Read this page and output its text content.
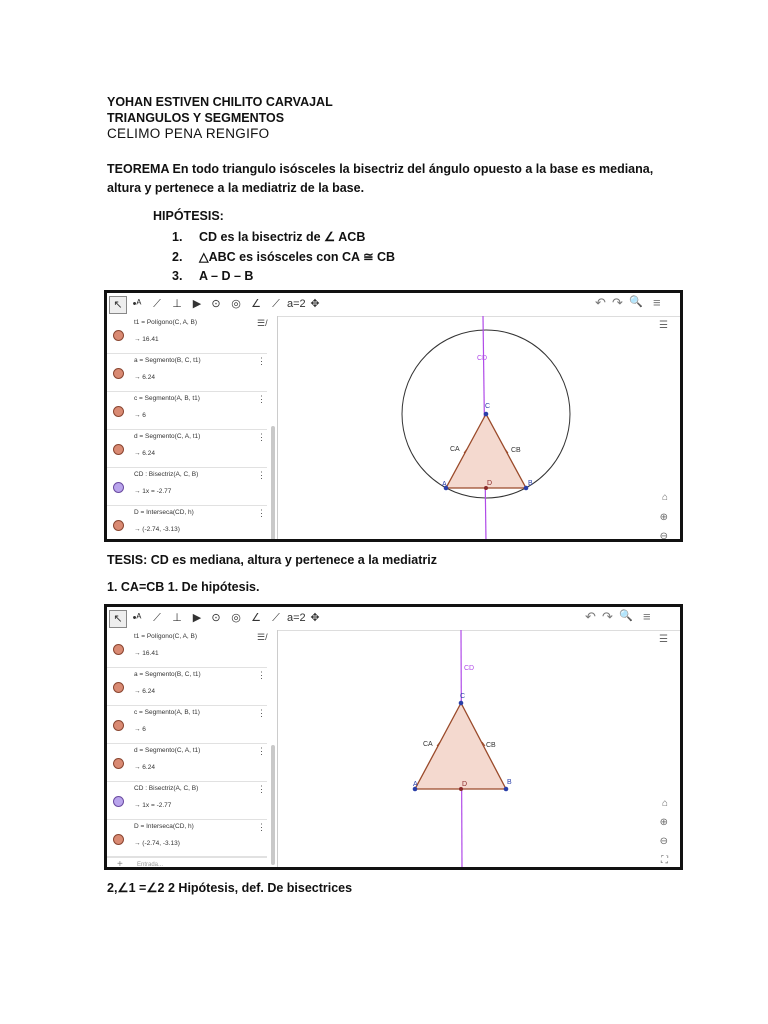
YOHAN ESTIVEN CHILITO CARVAJAL
TRIANGULOS Y SEGMENTOS
CELIMO PENA RENGIFO
TEOREMA En todo triangulo isósceles la bisectriz del ángulo opuesto a la base es mediana, altura y pertenece a la mediatriz de la base.
HIPÓTESIS:
1. CD es la bisectriz de ∠ ACB
2. △ABC es isósceles con CA ≅ CB
3. A – D – B
↖ •ᴬ	⟋	⊥ ▶ ⊙ ◎ ∠	⟋ a=2 ✥	↶ ↷ 🔍 ≡
☰/
t1 = Polígono(C, A, B)
→ 16.41
a = Segmento(B, C, t1)
→ 6.24
⋮
c = Segmento(A, B, t1)
→ 6
⋮
d = Segmento(C, A, t1)
→ 6.24
⋮
CD : Bisectriz(A, C, B)
→ 1x = -2.77
⋮
D = Interseca(CD, h)
→ (-2.74, -3.13)
⋮
CD
C
A	B
D
CA	CB
☰
⌂
⊕
⊖
TESIS: CD es mediana, altura y pertenece a la mediatriz
1. CA=CB 1. De hipótesis.
↖ •ᴬ	⟋	⊥ ▶ ⊙ ◎ ∠	⟋ a=2 ✥	↶ ↷ 🔍 ≡
☰/
t1 = Polígono(C, A, B)
→ 16.41
a = Segmento(B, C, t1)
→ 6.24
⋮
c = Segmento(A, B, t1)
→ 6
⋮
d = Segmento(C, A, t1)
→ 6.24
⋮
CD : Bisectriz(A, C, B)
→ 1x = -2.77
⋮
D = Interseca(CD, h)
→ (-2.74, -3.13)
⋮
+ Entrada...
CD
C
A	B
D
CA	CB
☰
⌂
⊕
⊖
⛶
2,∠1 =∠2 2 Hipótesis, def. De bisectrices
